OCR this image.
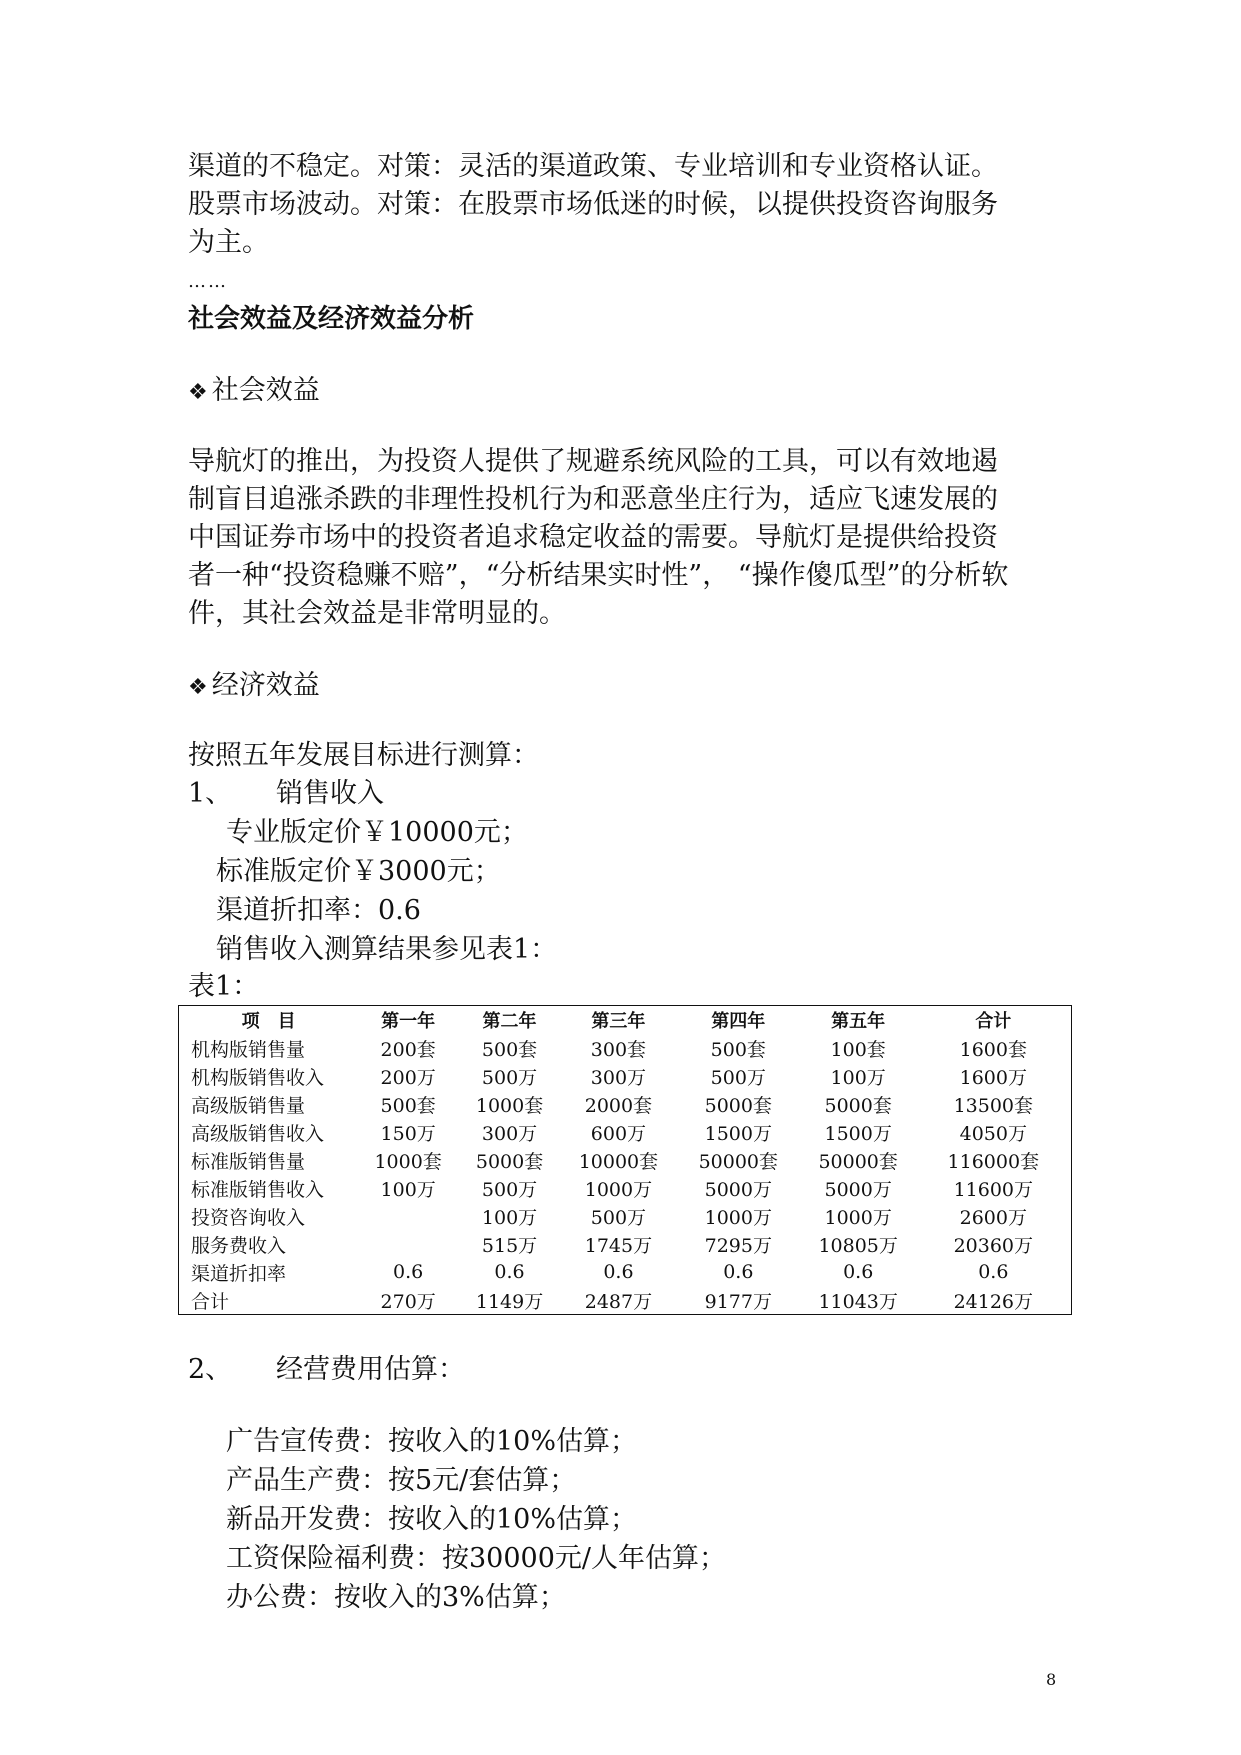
渠道的不稳定。对策：灵活的渠道政策、专业培训和专业资格认证。
股票市场波动。对策：在股票市场低迷的时候，以提供投资咨询服务
为主。
……
社会效益及经济效益分析
❖ 社会效益
导航灯的推出，为投资人提供了规避系统风险的工具，可以有效地遏
制盲目追涨杀跌的非理性投机行为和恶意坐庄行为，适应飞速发展的
中国证券市场中的投资者追求稳定收益的需要。导航灯是提供给投资
者一种“投资稳赚不赔”，“分析结果实时性”， “操作傻瓜型”的分析软
件，其社会效益是非常明显的。
❖ 经济效益
按照五年发展目标进行测算：
1、 销售收入
专业版定价￥10000元；
标准版定价￥3000元；
渠道折扣率：0.6
销售收入测算结果参见表1：
表1：
项　目	第一年	第二年	第三年	第四年	第五年	合计
机构版销售量	200套	500套	300套	500套	100套	1600套
机构版销售收入	200万	500万	300万	500万	100万	1600万
高级版销售量	500套	1000套	2000套	5000套	5000套	13500套
高级版销售收入	150万	300万	600万	1500万	1500万	4050万
标准版销售量	1000套	5000套	10000套	50000套	50000套	116000套
标准版销售收入	100万	500万	1000万	5000万	5000万	11600万
投资咨询收入		100万	500万	1000万	1000万	2600万
服务费收入		515万	1745万	7295万	10805万	20360万
渠道折扣率	0.6	0.6	0.6	0.6	0.6	0.6
合计	270万	1149万	2487万	9177万	11043万	24126万
2、 经营费用估算：
广告宣传费：按收入的10%估算；
产品生产费：按5元/套估算；
新品开发费：按收入的10%估算；
工资保险福利费：按30000元/人年估算；
办公费：按收入的3%估算；
8
